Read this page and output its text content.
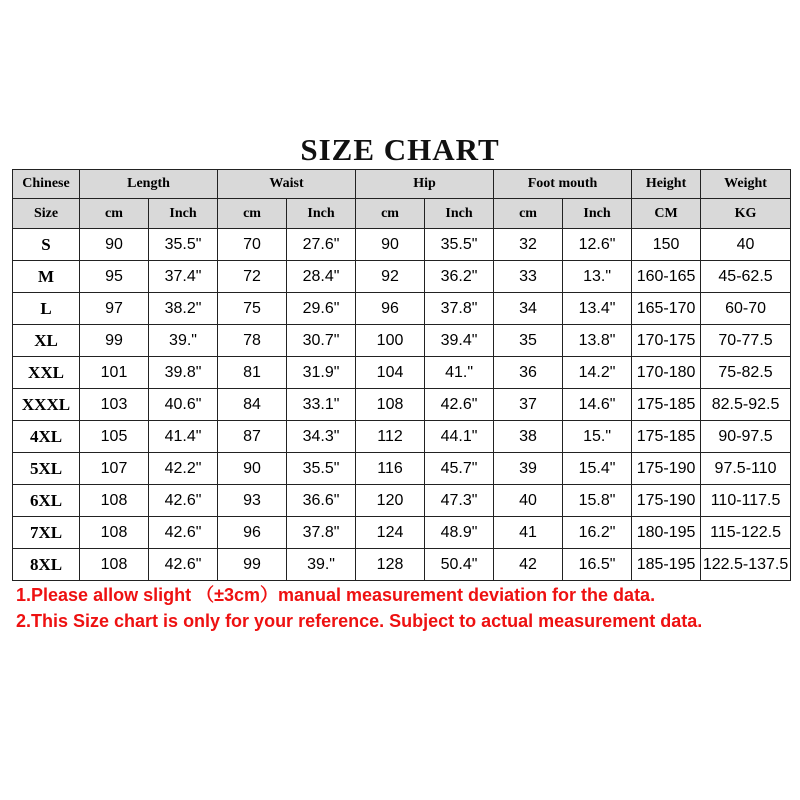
SIZE CHART
Chinese	Length		Waist		Hip		Foot mouth		Height	Weight
Size	cm	Inch	cm	Inch	cm	Inch	cm	Inch	CM	KG
S	90	35.5"	70	27.6"	90	35.5"	32	12.6"	150	40
M	95	37.4"	72	28.4"	92	36.2"	33	13."	160-165	45-62.5
L	97	38.2"	75	29.6"	96	37.8"	34	13.4"	165-170	60-70
XL	99	39."	78	30.7"	100	39.4"	35	13.8"	170-175	70-77.5
XXL	101	39.8"	81	31.9"	104	41."	36	14.2"	170-180	75-82.5
XXXL	103	40.6"	84	33.1"	108	42.6"	37	14.6"	175-185	82.5-92.5
4XL	105	41.4"	87	34.3"	112	44.1"	38	15."	175-185	90-97.5
5XL	107	42.2"	90	35.5"	116	45.7"	39	15.4"	175-190	97.5-110
6XL	108	42.6"	93	36.6"	120	47.3"	40	15.8"	175-190	110-117.5
7XL	108	42.6"	96	37.8"	124	48.9"	41	16.2"	180-195	115-122.5
8XL	108	42.6"	99	39."	128	50.4"	42	16.5"	185-195	122.5-137.5
1.Please allow slight （±3cm）manual measurement deviation for the data.
2.This Size chart is only for your reference. Subject to actual measurement data.
